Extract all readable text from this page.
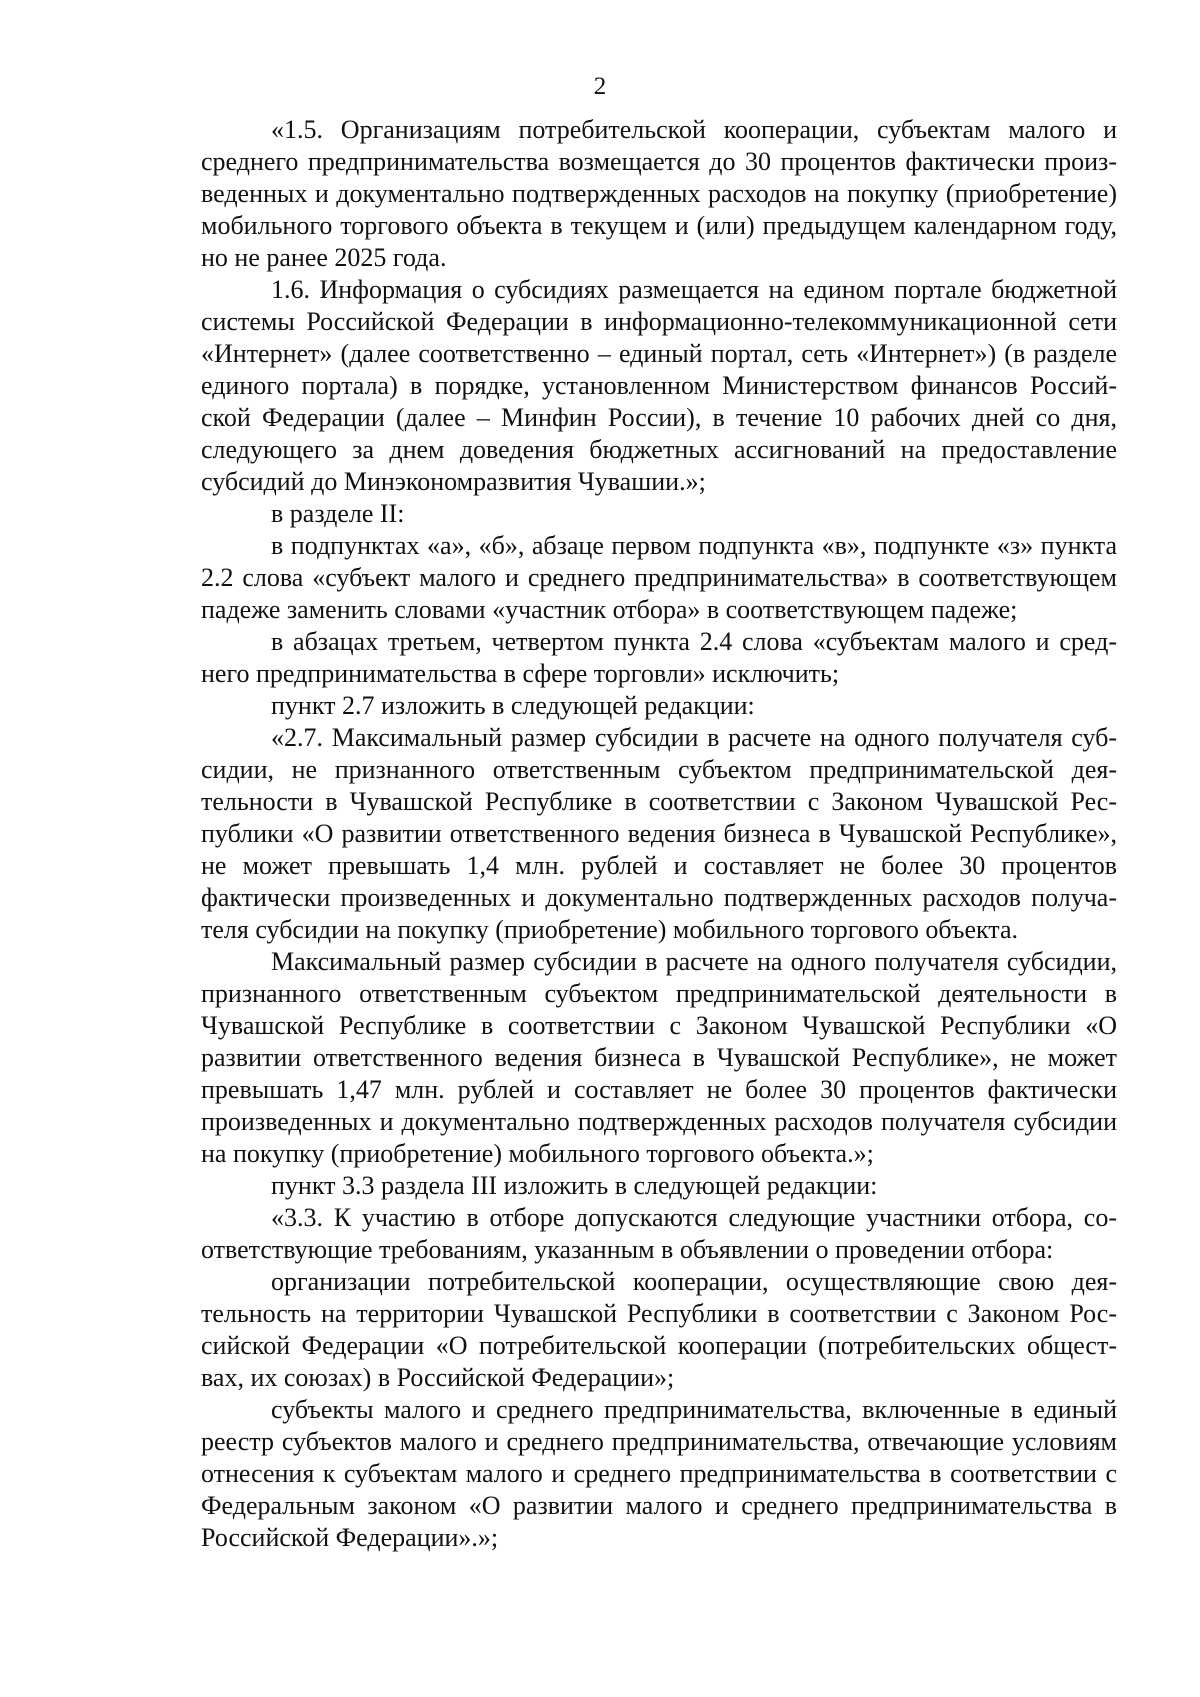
2

«1.5. Организациям потребительской кооперации, субъектам малого и среднего предпринимательства возмещается до 30 процентов фактически произведенных и документально подтвержденных расходов на покупку (приобретение) мобильного торгового объекта в текущем и (или) предыдущем календарном году, но не ранее 2025 года.

1.6. Информация о субсидиях размещается на едином портале бюджетной системы Российской Федерации в информационно-телекоммуникационной сети «Интернет» (далее соответственно – единый портал, сеть «Интернет») (в разделе единого портала) в порядке, установленном Министерством финансов Российской Федерации (далее – Минфин России), в течение 10 рабочих дней со дня, следующего за днем доведения бюджетных ассигнований на предоставление субсидий до Минэкономразвития Чувашии.»;

в разделе II:

в подпунктах «а», «б», абзаце первом подпункта «в», подпункте «з» пункта 2.2 слова «субъект малого и среднего предпринимательства» в соответствующем падеже заменить словами «участник отбора» в соответствующем падеже;

в абзацах третьем, четвертом пункта 2.4 слова «субъектам малого и среднего предпринимательства в сфере торговли» исключить;

пункт 2.7 изложить в следующей редакции:

«2.7. Максимальный размер субсидии в расчете на одного получателя субсидии, не признанного ответственным субъектом предпринимательской деятельности в Чувашской Республике в соответствии с Законом Чувашской Республики «О развитии ответственного ведения бизнеса в Чувашской Республике», не может превышать 1,4 млн. рублей и составляет не более 30 процентов фактически произведенных и документально подтвержденных расходов получателя субсидии на покупку (приобретение) мобильного торгового объекта.

Максимальный размер субсидии в расчете на одного получателя субсидии, признанного ответственным субъектом предпринимательской деятельности в Чувашской Республике в соответствии с Законом Чувашской Республики «О развитии ответственного ведения бизнеса в Чувашской Республике», не может превышать 1,47 млн. рублей и составляет не более 30 процентов фактически произведенных и документально подтвержденных расходов получателя субсидии на покупку (приобретение) мобильного торгового объекта.»;

пункт 3.3 раздела III изложить в следующей редакции:

«3.3. К участию в отборе допускаются следующие участники отбора, соответствующие требованиям, указанным в объявлении о проведении отбора:

организации потребительской кооперации, осуществляющие свою деятельность на территории Чувашской Республики в соответствии с Законом Российской Федерации «О потребительской кооперации (потребительских обществах, их союзах) в Российской Федерации»;

субъекты малого и среднего предпринимательства, включенные в единый реестр субъектов малого и среднего предпринимательства, отвечающие условиям отнесения к субъектам малого и среднего предпринимательства в соответствии с Федеральным законом «О развитии малого и среднего предпринимательства в Российской Федерации».»;
